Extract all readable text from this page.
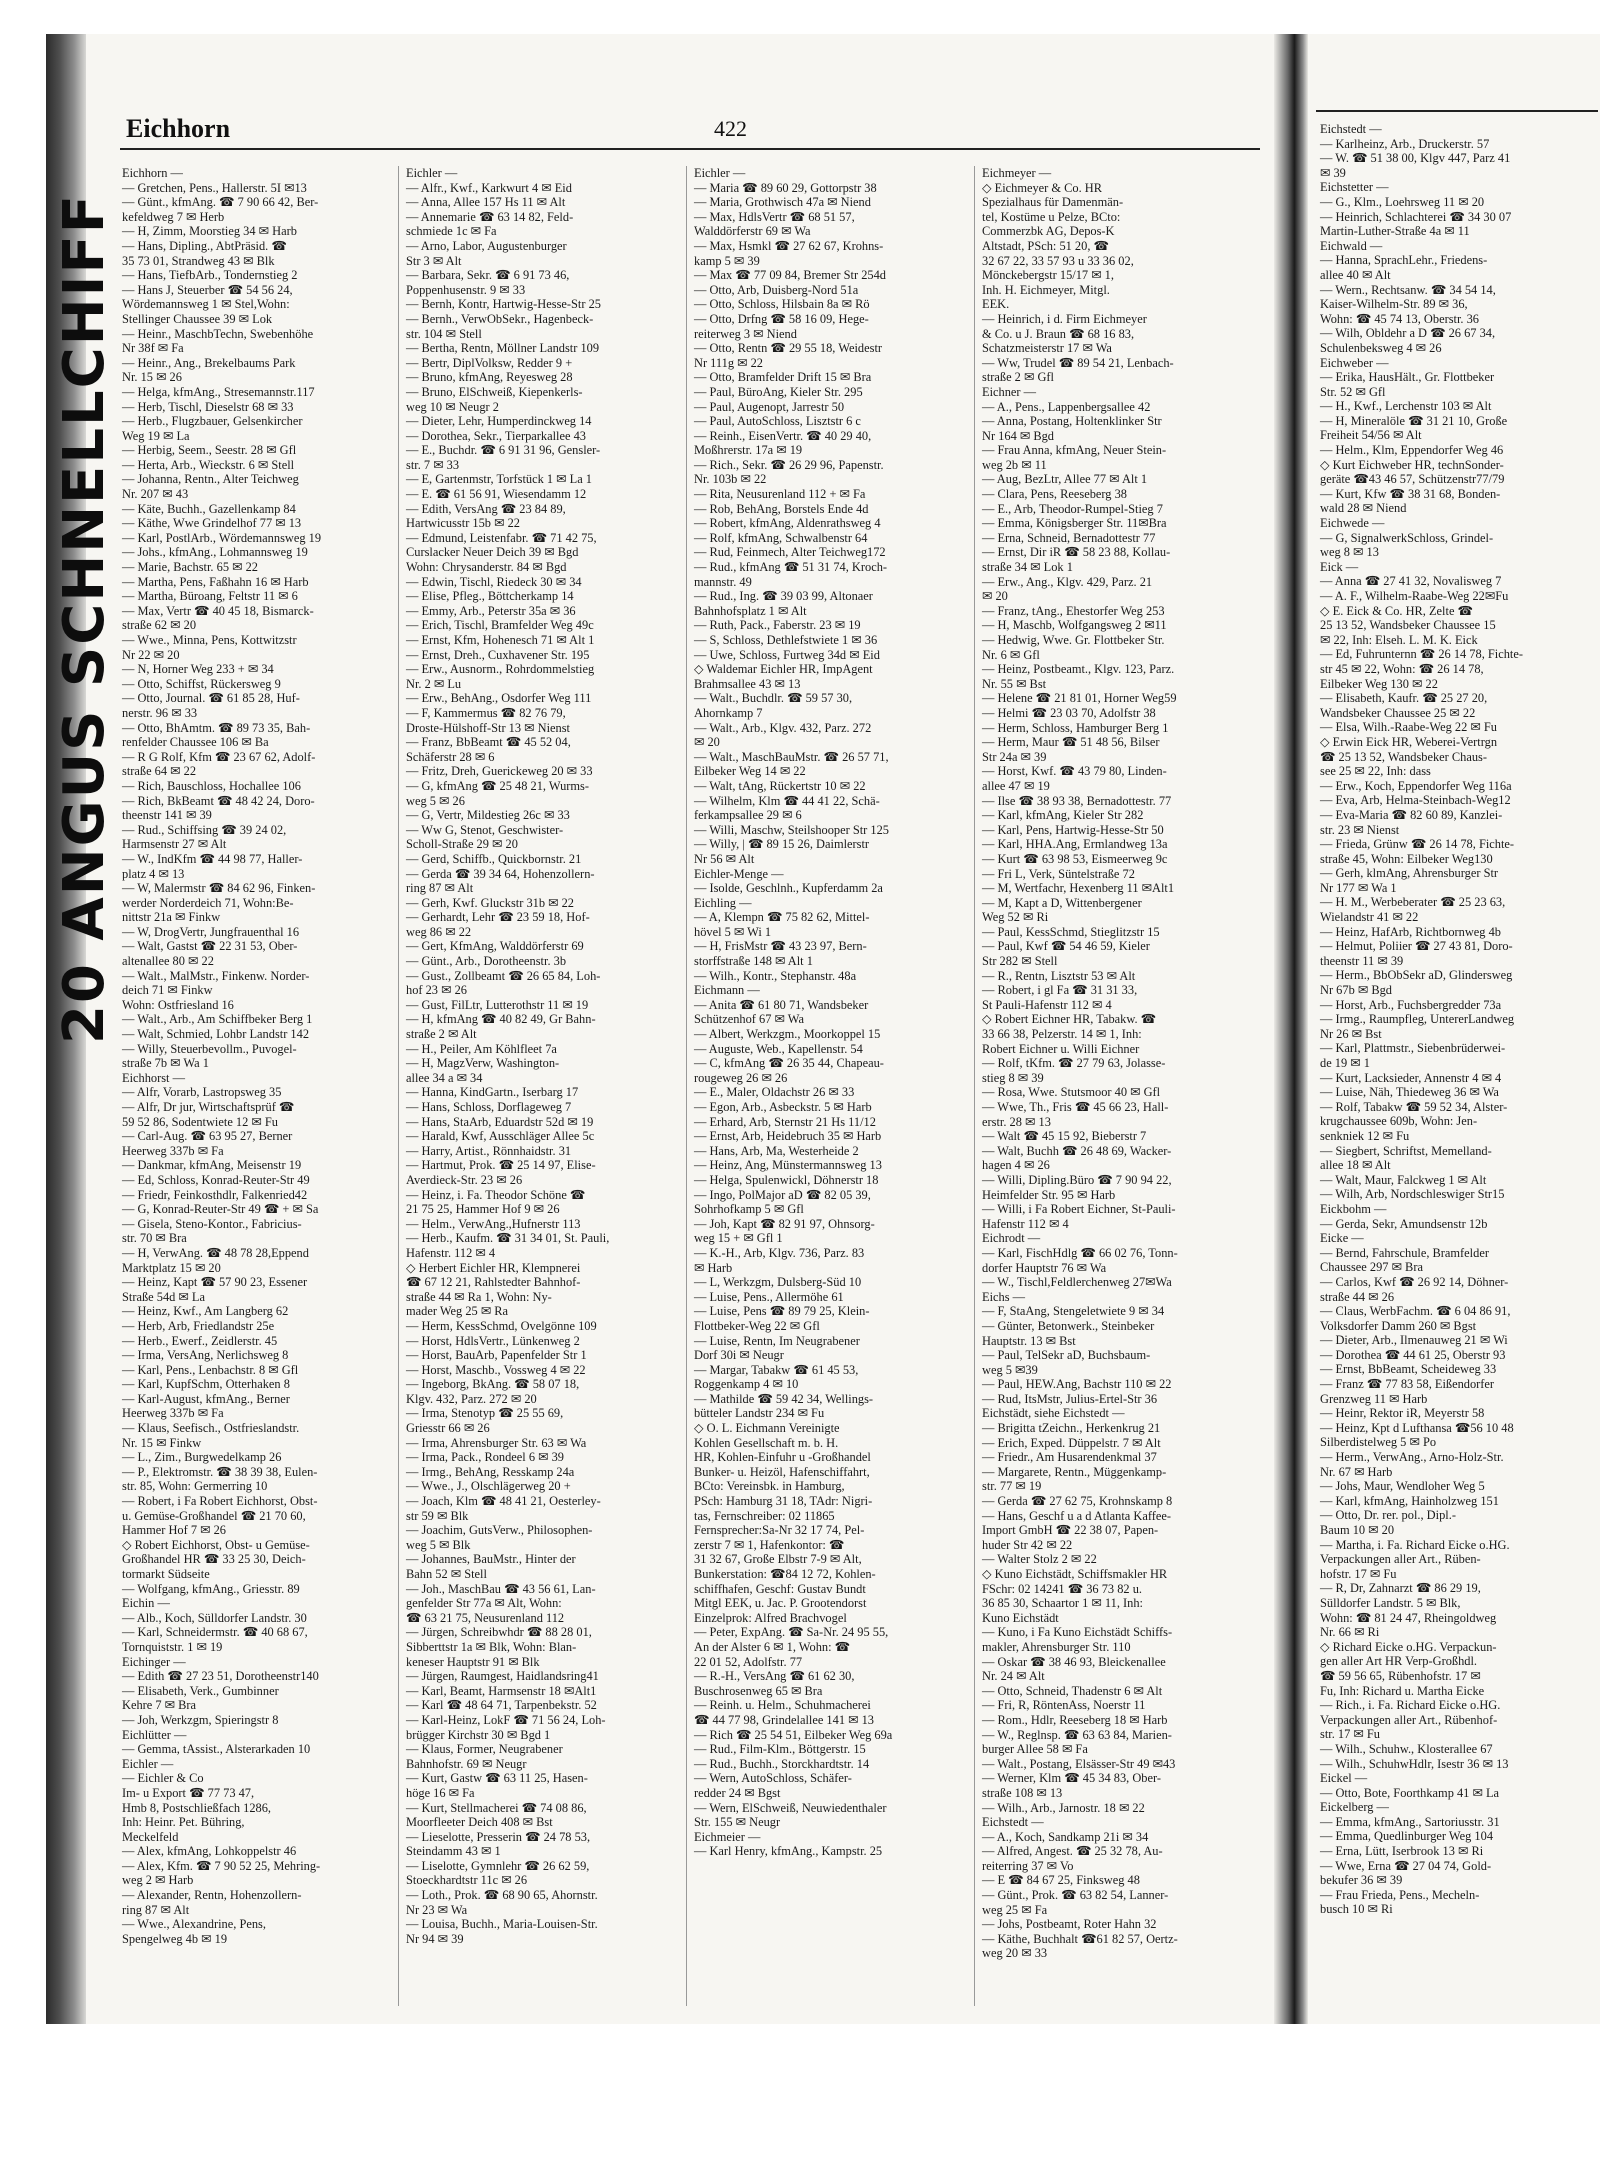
20 ANGUS SCHNELLCHIFF
Eichhorn	422
Eichhorn —
— Gretchen, Pens., Hallerstr. 5I ✉13
— Günt., kfmAng. ☎ 7 90 66 42, Ber-
kefeldweg 7 ✉ Herb
— H, Zimm, Moorstieg 34 ✉ Harb
— Hans, Dipling., AbtPräsid. ☎
35 73 01, Strandweg 43 ✉ Blk
— Hans, TiefbArb., Tondernstieg 2
— Hans J, Steuerber ☎ 54 56 24,
Wördemannsweg 1 ✉ Stel,Wohn:
Stellinger Chaussee 39 ✉ Lok
— Heinr., MaschbTechn, Swebenhöhe
Nr 38f ✉ Fa
— Heinr., Ang., Brekelbaums Park
Nr. 15 ✉ 26
— Helga, kfmAng., Stresemannstr.117
— Herb, Tischl, Dieselstr 68 ✉ 33
— Herb., Flugzbauer, Gelsenkircher
Weg 19 ✉ La
— Herbig, Seem., Seestr. 28 ✉ Gfl
— Herta, Arb., Wieckstr. 6 ✉ Stell
— Johanna, Rentn., Alter Teichweg
Nr. 207 ✉ 43
— Käte, Buchh., Gazellenkamp 84
— Käthe, Wwe Grindelhof 77 ✉ 13
— Karl, PostlArb., Wördemannsweg 19
— Johs., kfmAng., Lohmannsweg 19
— Marie, Bachstr. 65 ✉ 22
— Martha, Pens, Faßhahn 16 ✉ Harb
— Martha, Büroang, Feltstr 11 ✉ 6
— Max, Vertr ☎ 40 45 18, Bismarck-
straße 62 ✉ 20
— Wwe., Minna, Pens, Kottwitzstr
Nr 22 ✉ 20
— N, Horner Weg 233 + ✉ 34
— Otto, Schiffst, Rückersweg 9
— Otto, Journal. ☎ 61 85 28, Huf-
nerstr. 96 ✉ 33
— Otto, BhAmtm. ☎ 89 73 35, Bah-
renfelder Chaussee 106 ✉ Ba
— R G Rolf, Kfm ☎ 23 67 62, Adolf-
straße 64 ✉ 22
— Rich, Bauschloss, Hochallee 106
— Rich, BkBeamt ☎ 48 42 24, Doro-
theenstr 141 ✉ 39
— Rud., Schiffsing ☎ 39 24 02,
Harmsenstr 27 ✉ Alt
— W., IndKfm ☎ 44 98 77, Haller-
platz 4 ✉ 13
— W, Malermstr ☎ 84 62 96, Finken-
werder Norderdeich 71, Wohn:Be-
nittstr 21a ✉ Finkw
— W, DrogVertr, Jungfrauenthal 16
— Walt, Gastst ☎ 22 31 53, Ober-
altenallee 80 ✉ 22
— Walt., MalMstr., Finkenw. Norder-
deich 71 ✉ Finkw
Wohn: Ostfriesland 16
— Walt., Arb., Am Schiffbeker Berg 1
— Walt, Schmied, Lohbr Landstr 142
— Willy, Steuerbevollm., Puvogel-
straße 7b ✉ Wa 1
Eichhorst —
— Alfr, Vorarb, Lastropsweg 35
— Alfr, Dr jur, Wirtschaftsprüf ☎
59 52 86, Sodentwiete 12 ✉ Fu
— Carl-Aug. ☎ 63 95 27, Berner
Heerweg 337b ✉ Fa
— Dankmar, kfmAng, Meisenstr 19
— Ed, Schloss, Konrad-Reuter-Str 49
— Friedr, Feinkosthdlr, Falkenried42
— G, Konrad-Reuter-Str 49 ☎ + ✉ Sa
— Gisela, Steno-Kontor., Fabricius-
str. 70 ✉ Bra
— H, VerwAng. ☎ 48 78 28,Eppend
Marktplatz 15 ✉ 20
— Heinz, Kapt ☎ 57 90 23, Essener
Straße 54d ✉ La
— Heinz, Kwf., Am Langberg 62
— Herb, Arb, Friedlandstr 25e
— Herb., Ewerf., Zeidlerstr. 45
— Irma, VersAng, Nerlichsweg 8
— Karl, Pens., Lenbachstr. 8 ✉ Gfl
— Karl, KupfSchm, Otterhaken 8
— Karl-August, kfmAng., Berner
Heerweg 337b ✉ Fa
— Klaus, Seefisch., Ostfrieslandstr.
Nr. 15 ✉ Finkw
— L., Zim., Burgwedelkamp 26
— P., Elektromstr. ☎ 38 39 38, Eulen-
str. 85, Wohn: Germerring 10
— Robert, i Fa Robert Eichhorst, Obst-
u. Gemüse-Großhandel ☎ 21 70 60,
Hammer Hof 7 ✉ 26
◇ Robert Eichhorst, Obst- u Gemüse-
Großhandel HR ☎ 33 25 30, Deich-
tormarkt Südseite
— Wolfgang, kfmAng., Griesstr. 89
Eichin —
— Alb., Koch, Sülldorfer Landstr. 30
— Karl, Schneidermstr. ☎ 40 68 67,
Tornquiststr. 1 ✉ 19
Eichinger —
— Edith ☎ 27 23 51, Dorotheenstr140
— Elisabeth, Verk., Gumbinner
Kehre 7 ✉ Bra
— Joh, Werkzgm, Spieringstr 8
Eichlütter —
— Gemma, tAssist., Alsterarkaden 10
Eichler —
— Eichler & Co
Im- u Export ☎ 77 73 47,
Hmb 8, Postschließfach 1286,
Inh: Heinr. Pet. Bühring,
Meckelfeld
— Alex, kfmAng, Lohkoppelstr 46
— Alex, Kfm. ☎ 7 90 52 25, Mehring-
weg 2 ✉ Harb
— Alexander, Rentn, Hohenzollern-
ring 87 ✉ Alt
— Wwe., Alexandrine, Pens,
Spengelweg 4b ✉ 19
Eichler —
— Alfr., Kwf., Karkwurt 4 ✉ Eid
— Anna, Allee 157 Hs 11 ✉ Alt
— Annemarie ☎ 63 14 82, Feld-
schmiede 1c ✉ Fa
— Arno, Labor, Augustenburger
Str 3 ✉ Alt
— Barbara, Sekr. ☎ 6 91 73 46,
Poppenhusenstr. 9 ✉ 33
— Bernh, Kontr, Hartwig-Hesse-Str 25
— Bernh., VerwObSekr., Hagenbeck-
str. 104 ✉ Stell
— Bertha, Rentn, Möllner Landstr 109
— Bertr, DiplVolksw, Redder 9 +
— Bruno, kfmAng, Reyesweg 28
— Bruno, ElSchweiß, Kiepenkerls-
weg 10 ✉ Neugr 2
— Dieter, Lehr, Humperdinckweg 14
— Dorothea, Sekr., Tierparkallee 43
— E., Buchdr. ☎ 6 91 31 96, Gensler-
str. 7 ✉ 33
— E, Gartenmstr, Torfstück 1 ✉ La 1
— E. ☎ 61 56 91, Wiesendamm 12
— Edith, VersAng ☎ 23 84 89,
Hartwicusstr 15b ✉ 22
— Edmund, Leistenfabr. ☎ 71 42 75,
Curslacker Neuer Deich 39 ✉ Bgd
Wohn: Chrysanderstr. 84 ✉ Bgd
— Edwin, Tischl, Riedeck 30 ✉ 34
— Elise, Pfleg., Böttcherkamp 14
— Emmy, Arb., Peterstr 35a ✉ 36
— Erich, Tischl, Bramfelder Weg 49c
— Ernst, Kfm, Hohenesch 71 ✉ Alt 1
— Ernst, Dreh., Cuxhavener Str. 195
— Erw., Ausnorm., Rohrdommelstieg
Nr. 2 ✉ Lu
— Erw., BehAng., Osdorfer Weg 111
— F, Kammermus ☎ 82 76 79,
Droste-Hülshoff-Str 13 ✉ Nienst
— Franz, BbBeamt ☎ 45 52 04,
Schäferstr 28 ✉ 6
— Fritz, Dreh, Guerickeweg 20 ✉ 33
— G, kfmAng ☎ 25 48 21, Wurms-
weg 5 ✉ 26
— G, Vertr, Mildestieg 26c ✉ 33
— Ww G, Stenot, Geschwister-
Scholl-Straße 29 ✉ 20
— Gerd, Schiffb., Quickbornstr. 21
— Gerda ☎ 39 34 64, Hohenzollern-
ring 87 ✉ Alt
— Gerh, Kwf. Gluckstr 31b ✉ 22
— Gerhardt, Lehr ☎ 23 59 18, Hof-
weg 86 ✉ 22
— Gert, KfmAng, Walddörferstr 69
— Günt., Arb., Dorotheenstr. 3b
— Gust., Zollbeamt ☎ 26 65 84, Loh-
hof 23 ✉ 26
— Gust, FilLtr, Lutterothstr 11 ✉ 19
— H, kfmAng ☎ 40 82 49, Gr Bahn-
straße 2 ✉ Alt
— H., Peiler, Am Köhlfleet 7a
— H, MagzVerw, Washington-
allee 34 a ✉ 34
— Hanna, KindGartn., Iserbarg 17
— Hans, Schloss, Dorflageweg 7
— Hans, StaArb, Eduardstr 52d ✉ 19
— Harald, Kwf, Ausschläger Allee 5c
— Harry, Artist., Rönnhaidstr. 31
— Hartmut, Prok. ☎ 25 14 97, Elise-
Averdieck-Str. 23 ✉ 26
— Heinz, i. Fa. Theodor Schöne ☎
21 75 25, Hammer Hof 9 ✉ 26
— Helm., VerwAng.,Hufnerstr 113
— Herb., Kaufm. ☎ 31 34 01, St. Pauli,
Hafenstr. 112 ✉ 4
◇ Herbert Eichler HR, Klempnerei
☎ 67 12 21, Rahlstedter Bahnhof-
straße 44 ✉ Ra 1, Wohn: Ny-
mader Weg 25 ✉ Ra
— Herm, KessSchmd, Ovelgönne 109
— Horst, HdlsVertr., Lünkenweg 2
— Horst, BauArb, Papenfelder Str 1
— Horst, Maschb., Vossweg 4 ✉ 22
— Ingeborg, BkAng. ☎ 58 07 18,
Klgv. 432, Parz. 272 ✉ 20
— Irma, Stenotyp ☎ 25 55 69,
Griesstr 66 ✉ 26
— Irma, Ahrensburger Str. 63 ✉ Wa
— Irma, Pack., Rondeel 6 ✉ 39
— Irmg., BehAng, Resskamp 24a
— Wwe., J., Olschlägerweg 20 +
— Joach, Klm ☎ 48 41 21, Oesterley-
str 59 ✉ Blk
— Joachim, GutsVerw., Philosophen-
weg 5 ✉ Blk
— Johannes, BauMstr., Hinter der
Bahn 52 ✉ Stell
— Joh., MaschBau ☎ 43 56 61, Lan-
genfelder Str 77a ✉ Alt, Wohn:
☎ 63 21 75, Neusurenland 112
— Jürgen, Schreibwhdr ☎ 88 28 01,
Sibberttstr 1a ✉ Blk, Wohn: Blan-
keneser Hauptstr 91 ✉ Blk
— Jürgen, Raumgest, Haidlandsring41
— Karl, Beamt, Harmsenstr 18 ✉Alt1
— Karl ☎ 48 64 71, Tarpenbekstr. 52
— Karl-Heinz, LokF ☎ 71 56 24, Loh-
brügger Kirchstr 30 ✉ Bgd 1
— Klaus, Former, Neugrabener
Bahnhofstr. 69 ✉ Neugr
— Kurt, Gastw ☎ 63 11 25, Hasen-
höge 16 ✉ Fa
— Kurt, Stellmacherei ☎ 74 08 86,
Moorfleeter Deich 408 ✉ Bst
— Lieselotte, Presserin ☎ 24 78 53,
Steindamm 43 ✉ 1
— Liselotte, Gymnlehr ☎ 26 62 59,
Stoeckhardtstr 11c ✉ 26
— Loth., Prok. ☎ 68 90 65, Ahornstr.
Nr 23 ✉ Wa
— Louisa, Buchh., Maria-Louisen-Str.
Nr 94 ✉ 39
Eichler —
— Maria ☎ 89 60 29, Gottorpstr 38
— Maria, Grothwisch 47a ✉ Niend
— Max, HdlsVertr ☎ 68 51 57,
Walddörferstr 69 ✉ Wa
— Max, Hsmkl ☎ 27 62 67, Krohns-
kamp 5 ✉ 39
— Max ☎ 77 09 84, Bremer Str 254d
— Otto, Arb, Duisberg-Nord 51a
— Otto, Schloss, Hilsbain 8a ✉ Rö
— Otto, Drfng ☎ 58 16 09, Hege-
reiterweg 3 ✉ Niend
— Otto, Rentn ☎ 29 55 18, Weidestr
Nr 111g ✉ 22
— Otto, Bramfelder Drift 15 ✉ Bra
— Paul, BüroAng, Kieler Str. 295
— Paul, Augenopt, Jarrestr 50
— Paul, AutoSchloss, Lisztstr 6 c
— Reinh., EisenVertr. ☎ 40 29 40,
Moßhrerstr. 17a ✉ 19
— Rich., Sekr. ☎ 26 29 96, Papenstr.
Nr. 103b ✉ 22
— Rita, Neusurenland 112 + ✉ Fa
— Rob, BehAng, Borstels Ende 4d
— Robert, kfmAng, Aldenrathsweg 4
— Rolf, kfmAng, Schwalbenstr 64
— Rud, Feinmech, Alter Teichweg172
— Rud., kfmAng ☎ 51 31 74, Kroch-
mannstr. 49
— Rud., Ing. ☎ 39 03 99, Altonaer
Bahnhofsplatz 1 ✉ Alt
— Ruth, Pack., Faberstr. 23 ✉ 19
— S, Schloss, Dethlefstwiete 1 ✉ 36
— Uwe, Schloss, Furtweg 34d ✉ Eid
◇ Waldemar Eichler HR, ImpAgent
Brahmsallee 43 ✉ 13
— Walt., Buchdlr. ☎ 59 57 30,
Ahornkamp 7
— Walt., Arb., Klgv. 432, Parz. 272
✉ 20
— Walt., MaschBauMstr. ☎ 26 57 71,
Eilbeker Weg 14 ✉ 22
— Walt, tAng, Rückertstr 10 ✉ 22
— Wilhelm, Klm ☎ 44 41 22, Schä-
ferkampsallee 29 ✉ 6
— Willi, Maschw, Steilshooper Str 125
— Willy, | ☎ 89 15 26, Daimlerstr
Nr 56 ✉ Alt
Eichler-Menge —
— Isolde, Geschlnh., Kupferdamm 2a
Eichling —
— A, Klempn ☎ 75 82 62, Mittel-
hövel 5 ✉ Wi 1
— H, FrisMstr ☎ 43 23 97, Bern-
storffstraße 148 ✉ Alt 1
— Wilh., Kontr., Stephanstr. 48a
Eichmann —
— Anita ☎ 61 80 71, Wandsbeker
Schützenhof 67 ✉ Wa
— Albert, Werkzgm., Moorkoppel 15
— Auguste, Web., Kapellenstr. 54
— C, kfmAng ☎ 26 35 44, Chapeau-
rougeweg 26 ✉ 26
— E., Maler, Oldachstr 26 ✉ 33
— Egon, Arb., Asbeckstr. 5 ✉ Harb
— Erhard, Arb, Sternstr 21 Hs 11/12
— Ernst, Arb, Heidebruch 35 ✉ Harb
— Hans, Arb, Ma, Westerheide 2
— Heinz, Ang, Münstermannsweg 13
— Helga, Spulenwickl, Döhnerstr 18
— Ingo, PolMajor aD ☎ 82 05 39,
Sohrhofkamp 5 ✉ Gfl
— Joh, Kapt ☎ 82 91 97, Ohnsorg-
weg 15 + ✉ Gfl 1
— K.-H., Arb, Klgv. 736, Parz. 83
✉ Harb
— L, Werkzgm, Dulsberg-Süd 10
— Luise, Pens., Allermöhe 61
— Luise, Pens ☎ 89 79 25, Klein-
Flottbeker-Weg 22 ✉ Gfl
— Luise, Rentn, Im Neugrabener
Dorf 30i ✉ Neugr
— Margar, Tabakw ☎ 61 45 53,
Roggenkamp 4 ✉ 10
— Mathilde ☎ 59 42 34, Wellings-
bütteler Landstr 234 ✉ Fu
◇ O. L. Eichmann Vereinigte
Kohlen Gesellschaft m. b. H.
HR, Kohlen-Einfuhr u -Großhandel
Bunker- u. Heizöl, Hafenschiffahrt,
BCto: Vereinsbk. in Hamburg,
PSch: Hamburg 31 18, TAdr: Nigri-
tas, Fernschreiber: 02 11865
Fernsprecher:Sa-Nr 32 17 74, Pel-
zerstr 7 ✉ 1, Hafenkontor: ☎
31 32 67, Große Elbstr 7-9 ✉ Alt,
Bunkerstation: ☎84 12 72, Kohlen-
schiffhafen, Geschf: Gustav Bundt
Mitgl EEK, u. Jac. P. Grootendorst
Einzelprok: Alfred Brachvogel
— Peter, ExpAng. ☎ Sa-Nr. 24 95 55,
An der Alster 6 ✉ 1, Wohn: ☎
22 01 52, Adolfstr. 77
— R.-H., VersAng ☎ 61 62 30,
Buschrosenweg 65 ✉ Bra
— Reinh. u. Helm., Schuhmacherei
☎ 44 77 98, Grindelallee 141 ✉ 13
— Rich ☎ 25 54 51, Eilbeker Weg 69a
— Rud., Film-Klm., Böttgerstr. 15
— Rud., Buchh., Storckhardtstr. 14
— Wern, AutoSchloss, Schäfer-
redder 24 ✉ Bgst
— Wern, ElSchweiß, Neuwiedenthaler
Str. 155 ✉ Neugr
Eichmeier —
— Karl Henry, kfmAng., Kampstr. 25
Eichmeyer —
◇ Eichmeyer & Co. HR
Spezialhaus für Damenmän-
tel, Kostüme u Pelze, BCto:
Commerzbk AG, Depos-K
Altstadt, PSch: 51 20, ☎
32 67 22, 33 57 93 u 33 36 02,
Mönckebergstr 15/17 ✉ 1,
Inh. H. Eichmeyer, Mitgl.
EEK.
— Heinrich, i d. Firm Eichmeyer
& Co. u J. Braun ☎ 68 16 83,
Schatzmeisterstr 17 ✉ Wa
— Ww, Trudel ☎ 89 54 21, Lenbach-
straße 2 ✉ Gfl
Eichner —
— A., Pens., Lappenbergsallee 42
— Anna, Postang, Holtenklinker Str
Nr 164 ✉ Bgd
— Frau Anna, kfmAng, Neuer Stein-
weg 2b ✉ 11
— Aug, BezLtr, Allee 77 ✉ Alt 1
— Clara, Pens, Reeseberg 38
— E., Arb, Theodor-Rumpel-Stieg 7
— Emma, Königsberger Str. 11✉Bra
— Erna, Schneid, Bernadottestr 77
— Ernst, Dir iR ☎ 58 23 88, Kollau-
straße 34 ✉ Lok 1
— Erw., Ang., Klgv. 429, Parz. 21
✉ 20
— Franz, tAng., Ehestorfer Weg 253
— H, Maschb, Wolfgangsweg 2 ✉11
— Hedwig, Wwe. Gr. Flottbeker Str.
Nr. 6 ✉ Gfl
— Heinz, Postbeamt., Klgv. 123, Parz.
Nr. 55 ✉ Bst
— Helene ☎ 21 81 01, Horner Weg59
— Helmi ☎ 23 03 70, Adolfstr 38
— Herm, Schloss, Hamburger Berg 1
— Herm, Maur ☎ 51 48 56, Bilser
Str 24a ✉ 39
— Horst, Kwf. ☎ 43 79 80, Linden-
allee 47 ✉ 19
— Ilse ☎ 38 93 38, Bernadottestr. 77
— Karl, kfmAng, Kieler Str 282
— Karl, Pens, Hartwig-Hesse-Str 50
— Karl, HHA.Ang, Ermlandweg 13a
— Kurt ☎ 63 98 53, Eismeerweg 9c
— Fri L, Verk, Süntelstraße 72
— M, Wertfachr, Hexenberg 11 ✉Alt1
— M, Kapt a D, Wittenbergener
Weg 52 ✉ Ri
— Paul, KessSchmd, Stieglitzstr 15
— Paul, Kwf ☎ 54 46 59, Kieler
Str 282 ✉ Stell
— R., Rentn, Lisztstr 53 ✉ Alt
— Robert, i gl Fa ☎ 31 31 33,
St Pauli-Hafenstr 112 ✉ 4
◇ Robert Eichner HR, Tabakw. ☎
33 66 38, Pelzerstr. 14 ✉ 1, Inh:
Robert Eichner u. Willi Eichner
— Rolf, tKfm. ☎ 27 79 63, Jolasse-
stieg 8 ✉ 39
— Rosa, Wwe. Stutsmoor 40 ✉ Gfl
— Wwe, Th., Fris ☎ 45 66 23, Hall-
erstr. 28 ✉ 13
— Walt ☎ 45 15 92, Bieberstr 7
— Walt, Buchh ☎ 26 48 69, Wacker-
hagen 4 ✉ 26
— Willi, Dipling.Büro ☎ 7 90 94 22,
Heimfelder Str. 95 ✉ Harb
— Willi, i Fa Robert Eichner, St-Pauli-
Hafenstr 112 ✉ 4
Eichrodt —
— Karl, FischHdlg ☎ 66 02 76, Tonn-
dorfer Hauptstr 76 ✉ Wa
— W., Tischl,Feldlerchenweg 27✉Wa
Eichs —
— F, StaAng, Stengeletwiete 9 ✉ 34
— Günter, Betonwerk., Steinbeker
Hauptstr. 13 ✉ Bst
— Paul, TelSekr aD, Buchsbaum-
weg 5 ✉39
— Paul, HEW.Ang, Bachstr 110 ✉ 22
— Rud, ItsMstr, Julius-Ertel-Str 36
Eichstädt, siehe Eichstedt —
— Brigitta tZeichn., Herkenkrug 21
— Erich, Exped. Düppelstr. 7 ✉ Alt
— Friedr., Am Husarendenkmal 37
— Margarete, Rentn., Müggenkamp-
str. 77 ✉ 19
— Gerda ☎ 27 62 75, Krohnskamp 8
— Hans, Geschf u a d Atlanta Kaffee-
Import GmbH ☎ 22 38 07, Papen-
huder Str 42 ✉ 22
— Walter Stolz 2 ✉ 22
◇ Kuno Eichstädt, Schiffsmakler HR
FSchr: 02 14241 ☎ 36 73 82 u.
36 85 30, Schaartor 1 ✉ 11, Inh:
Kuno Eichstädt
— Kuno, i Fa Kuno Eichstädt Schiffs-
makler, Ahrensburger Str. 110
— Oskar ☎ 38 46 93, Bleickenallee
Nr. 24 ✉ Alt
— Otto, Schneid, Thadenstr 6 ✉ Alt
— Fri, R, RöntenAss, Noerstr 11
— Rom., Hdlr, Reeseberg 18 ✉ Harb
— W., Reglnsp. ☎ 63 63 84, Marien-
burger Allee 58 ✉ Fa
— Walt., Postang, Elsässer-Str 49 ✉43
— Werner, Klm ☎ 45 34 83, Ober-
straße 108 ✉ 13
— Wilh., Arb., Jarnostr. 18 ✉ 22
Eichstedt —
— A., Koch, Sandkamp 21i ✉ 34
— Alfred, Angest. ☎ 25 32 78, Au-
reiterring 37 ✉ Vo
— E ☎ 84 67 25, Finksweg 48
— Günt., Prok. ☎ 63 82 54, Lanner-
weg 25 ✉ Fa
— Johs, Postbeamt, Roter Hahn 32
— Käthe, Buchhalt ☎61 82 57, Oertz-
weg 20 ✉ 33
Eichstedt —
— Karlheinz, Arb., Druckerstr. 57
— W. ☎ 51 38 00, Klgv 447, Parz 41
✉ 39
Eichstetter —
— G., Klm., Loehrsweg 11 ✉ 20
— Heinrich, Schlachterei ☎ 34 30 07
Martin-Luther-Straße 4a ✉ 11
Eichwald —
— Hanna, SprachLehr., Friedens-
allee 40 ✉ Alt
— Wern., Rechtsanw. ☎ 34 54 14,
Kaiser-Wilhelm-Str. 89 ✉ 36,
Wohn: ☎ 45 74 13, Oberstr. 36
— Wilh, Obldehr a D ☎ 26 67 34,
Schulenbeksweg 4 ✉ 26
Eichweber —
— Erika, HausHält., Gr. Flottbeker
Str. 52 ✉ Gfl
— H., Kwf., Lerchenstr 103 ✉ Alt
— H, Mineralöle ☎ 31 21 10, Große
Freiheit 54/56 ✉ Alt
— Helm., Klm, Eppendorfer Weg 46
◇ Kurt Eichweber HR, technSonder-
geräte ☎43 46 57, Schützenstr77/79
— Kurt, Kfw ☎ 38 31 68, Bonden-
wald 28 ✉ Niend
Eichwede —
— G, SignalwerkSchloss, Grindel-
weg 8 ✉ 13
Eick —
— Anna ☎ 27 41 32, Novalisweg 7
— A. F., Wilhelm-Raabe-Weg 22✉Fu
◇ E. Eick & Co. HR, Zelte ☎
25 13 52, Wandsbeker Chaussee 15
✉ 22, Inh: Elseh. L. M. K. Eick
— Ed, Fuhrunternn ☎ 26 14 78, Fichte-
str 45 ✉ 22, Wohn: ☎ 26 14 78,
Eilbeker Weg 130 ✉ 22
— Elisabeth, Kaufr. ☎ 25 27 20,
Wandsbeker Chaussee 25 ✉ 22
— Elsa, Wilh.-Raabe-Weg 22 ✉ Fu
◇ Erwin Eick HR, Weberei-Vertrgn
☎ 25 13 52, Wandsbeker Chaus-
see 25 ✉ 22, Inh: dass
— Erw., Koch, Eppendorfer Weg 116a
— Eva, Arb, Helma-Steinbach-Weg12
— Eva-Maria ☎ 82 60 89, Kanzlei-
str. 23 ✉ Nienst
— Frieda, Grünw ☎ 26 14 78, Fichte-
straße 45, Wohn: Eilbeker Weg130
— Gerh, klmAng, Ahrensburger Str
Nr 177 ✉ Wa 1
— H. M., Werbeberater ☎ 25 23 63,
Wielandstr 41 ✉ 22
— Heinz, HafArb, Richtbornweg 4b
— Helmut, Poliier ☎ 27 43 81, Doro-
theenstr 11 ✉ 39
— Herm., BbObSekr aD, Glindersweg
Nr 67b ✉ Bgd
— Horst, Arb., Fuchsbergredder 73a
— Irmg., Raumpfleg, UntererLandweg
Nr 26 ✉ Bst
— Karl, Plattmstr., Siebenbrüderwei-
de 19 ✉ 1
— Kurt, Lacksieder, Annenstr 4 ✉ 4
— Luise, Näh, Thiedeweg 36 ✉ Wa
— Rolf, Tabakw ☎ 59 52 34, Alster-
krugchaussee 609b, Wohn: Jen-
senkniek 12 ✉ Fu
— Siegbert, Schriftst, Memelland-
allee 18 ✉ Alt
— Walt, Maur, Falckweg 1 ✉ Alt
— Wilh, Arb, Nordschleswiger Str15
Eickbohm —
— Gerda, Sekr, Amundsenstr 12b
Eicke —
— Bernd, Fahrschule, Bramfelder
Chaussee 297 ✉ Bra
— Carlos, Kwf ☎ 26 92 14, Döhner-
straße 44 ✉ 26
— Claus, WerbFachm. ☎ 6 04 86 91,
Volksdorfer Damm 260 ✉ Bgst
— Dieter, Arb., Ilmenauweg 21 ✉ Wi
— Dorothea ☎ 44 61 25, Oberstr 93
— Ernst, BbBeamt, Scheideweg 33
— Franz ☎ 77 83 58, Eißendorfer
Grenzweg 11 ✉ Harb
— Heinr, Rektor iR, Meyerstr 58
— Heinz, Kpt d Lufthansa ☎56 10 48
Silberdistelweg 5 ✉ Po
— Herm., VerwAng., Arno-Holz-Str.
Nr. 67 ✉ Harb
— Johs, Maur, Wendloher Weg 5
— Karl, kfmAng, Hainholzweg 151
— Otto, Dr. rer. pol., Dipl.-
Baum 10 ✉ 20
— Martha, i. Fa. Richard Eicke o.HG.
Verpackungen aller Art., Rüben-
hofstr. 17 ✉ Fu
— R, Dr, Zahnarzt ☎ 86 29 19,
Sülldorfer Landstr. 5 ✉ Blk,
Wohn: ☎ 81 24 47, Rheingoldweg
Nr. 66 ✉ Ri
◇ Richard Eicke o.HG. Verpackun-
gen aller Art HR Verp-Großhdl.
☎ 59 56 65, Rübenhofstr. 17 ✉
Fu, Inh: Richard u. Martha Eicke
— Rich., i. Fa. Richard Eicke o.HG.
Verpackungen aller Art., Rübenhof-
str. 17 ✉ Fu
— Wilh., Schuhw., Klosterallee 67
— Wilh., SchuhwHdlr, Isestr 36 ✉ 13
Eickel —
— Otto, Bote, Foorthkamp 41 ✉ La
Eickelberg —
— Emma, kfmAng., Sartoriusstr. 31
— Emma, Quedlinburger Weg 104
— Erna, Lütt, Iserbrook 13 ✉ Ri
— Wwe, Erna ☎ 27 04 74, Gold-
bekufer 36 ✉ 39
— Frau Frieda, Pens., Mecheln-
busch 10 ✉ Ri
